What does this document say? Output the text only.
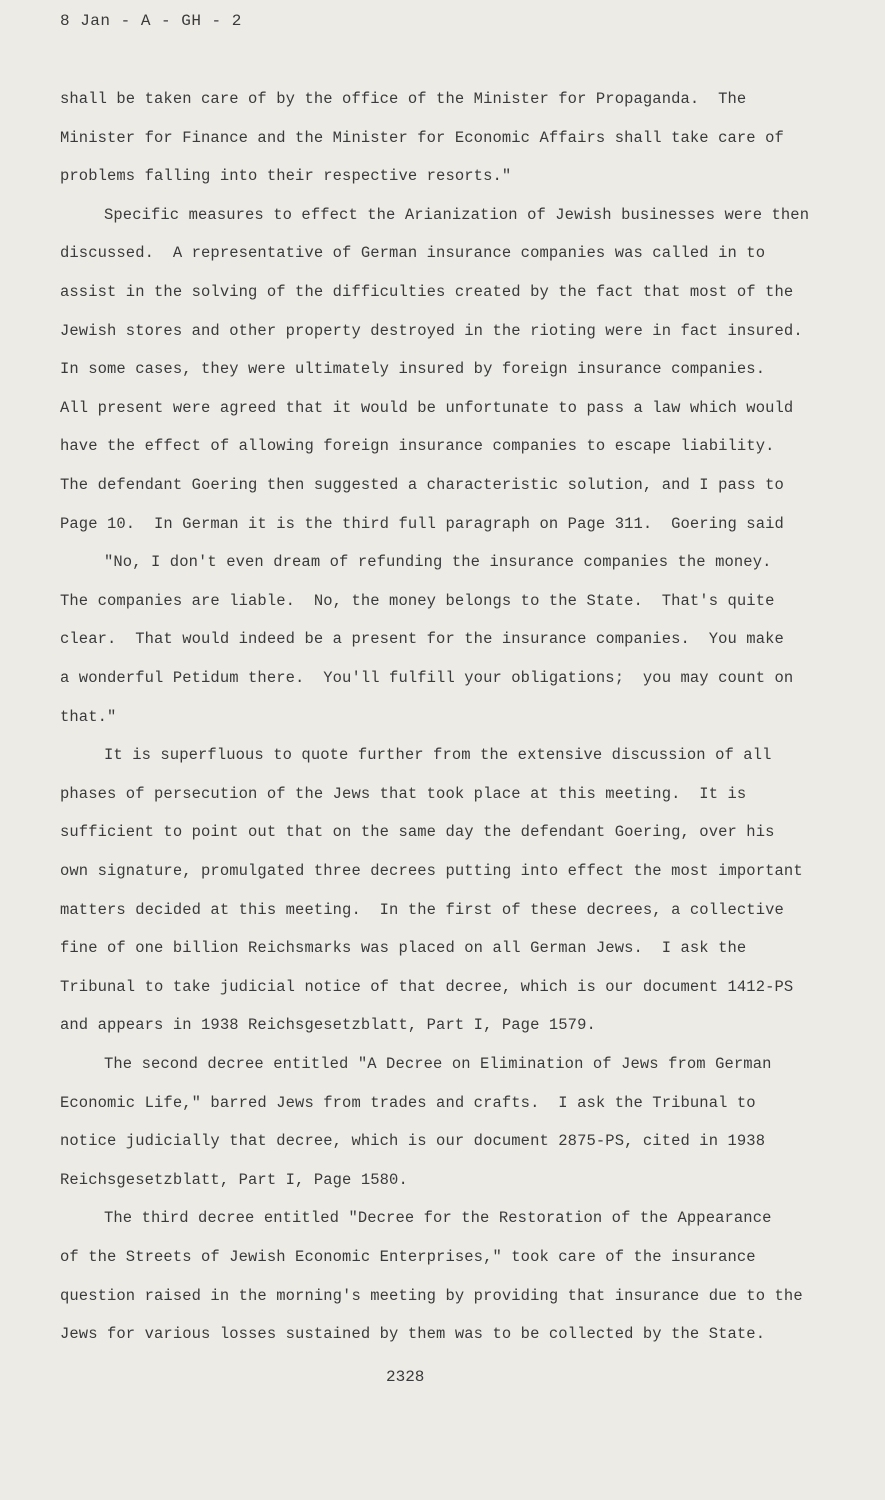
8 Jan - A - GH - 2
shall be taken care of by the office of the Minister for Propaganda.  The
Minister for Finance and the Minister for Economic Affairs shall take care of
problems falling into their respective resorts."
Specific measures to effect the Arianization of Jewish businesses were then
discussed.  A representative of German insurance companies was called in to
assist in the solving of the difficulties created by the fact that most of the
Jewish stores and other property destroyed in the rioting were in fact insured.
In some cases, they were ultimately insured by foreign insurance companies.
All present were agreed that it would be unfortunate to pass a law which would
have the effect of allowing foreign insurance companies to escape liability.
The defendant Goering then suggested a characteristic solution, and I pass to
Page 10.  In German it is the third full paragraph on Page 311.  Goering said
"No, I don't even dream of refunding the insurance companies the money.
The companies are liable.  No, the money belongs to the State.  That's quite
clear.  That would indeed be a present for the insurance companies.  You make
a wonderful Petidum there.  You'll fulfill your obligations;  you may count on
that."
It is superfluous to quote further from the extensive discussion of all
phases of persecution of the Jews that took place at this meeting.  It is
sufficient to point out that on the same day the defendant Goering, over his
own signature, promulgated three decrees putting into effect the most important
matters decided at this meeting.  In the first of these decrees, a collective
fine of one billion Reichsmarks was placed on all German Jews.  I ask the
Tribunal to take judicial notice of that decree, which is our document 1412-PS
and appears in 1938 Reichsgesetzblatt, Part I, Page 1579.
The second decree entitled "A Decree on Elimination of Jews from German
Economic Life," barred Jews from trades and crafts.  I ask the Tribunal to
notice judicially that decree, which is our document 2875-PS, cited in 1938
Reichsgesetzblatt, Part I, Page 1580.
The third decree entitled "Decree for the Restoration of the Appearance
of the Streets of Jewish Economic Enterprises," took care of the insurance
question raised in the morning's meeting by providing that insurance due to the
Jews for various losses sustained by them was to be collected by the State.
2328
